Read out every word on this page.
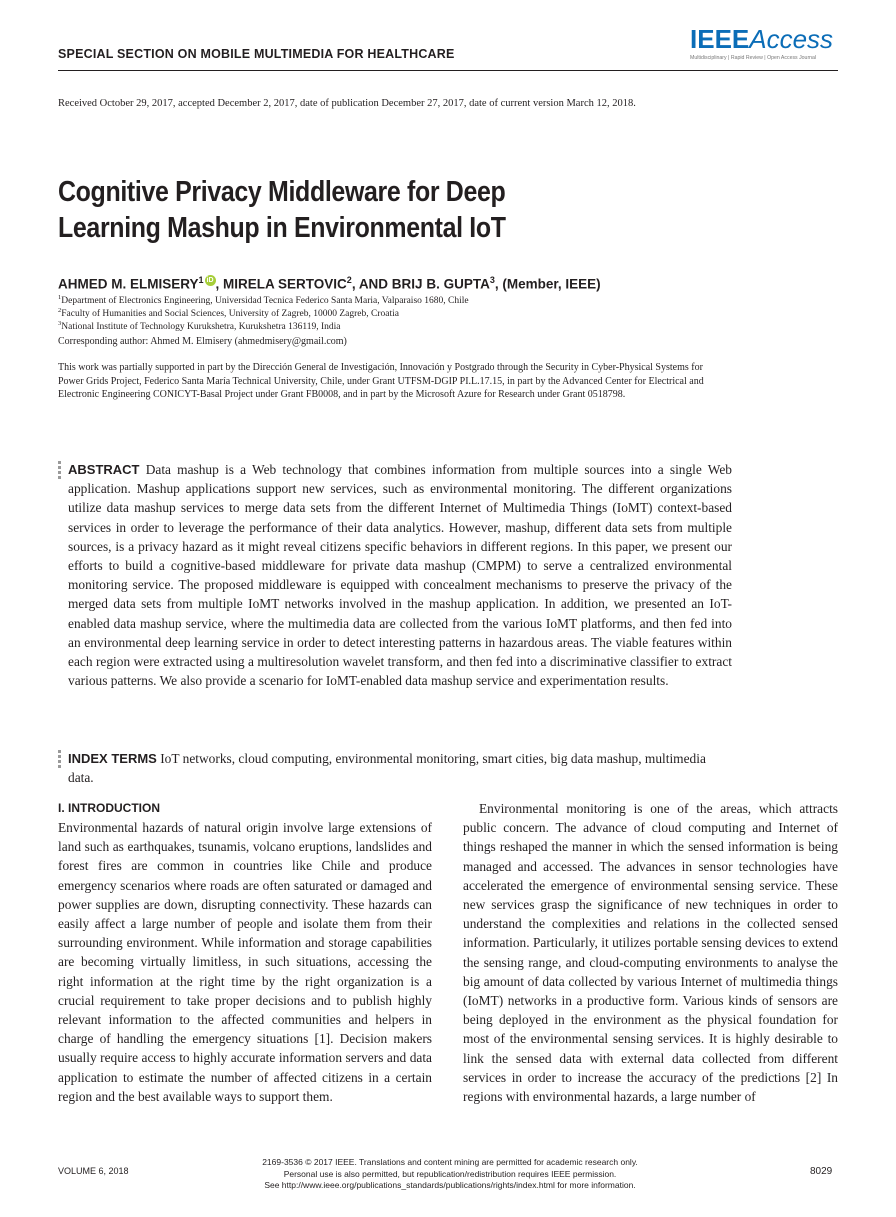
SPECIAL SECTION ON MOBILE MULTIMEDIA FOR HEALTHCARE	IEEEAccess
Multidisciplinary | Rapid Review | Open Access Journal
Received October 29, 2017, accepted December 2, 2017, date of publication December 27, 2017, date of current version March 12, 2018.
Cognitive Privacy Middleware for Deep
Learning Mashup in Environmental IoT
AHMED M. ELMISERY$^1$ iD , MIRELA SERTOVIC$^2$, AND BRIJ B. GUPTA$^3$, (Member, IEEE)
$^1$Department of Electronics Engineering, Universidad Tecnica Federico Santa Maria, Valparaiso 1680, Chile
$^2$Faculty of Humanities and Social Sciences, University of Zagreb, 10000 Zagreb, Croatia
$^3$National Institute of Technology Kurukshetra, Kurukshetra 136119, India
Corresponding author: Ahmed M. Elmisery (ahmedmisery@gmail.com)
This work was partially supported in part by the Dirección General de Investigación, Innovación y Postgrado through the Security in Cyber-Physical Systems for Power Grids Project, Federico Santa María Technical University, Chile, under Grant UTFSM-DGIP PI.L.17.15, in part by the Advanced Center for Electrical and Electronic Engineering CONICYT-Basal Project under Grant FB0008, and in part by the Microsoft Azure for Research under Grant 0518798.
ABSTRACT Data mashup is a Web technology that combines information from multiple sources into a single Web application. Mashup applications support new services, such as environmental monitoring. The different organizations utilize data mashup services to merge data sets from the different Internet of Multimedia Things (IoMT) context-based services in order to leverage the performance of their data analytics. However, mashup, different data sets from multiple sources, is a privacy hazard as it might reveal citizens specific behaviors in different regions. In this paper, we present our efforts to build a cognitive-based middleware for private data mashup (CMPM) to serve a centralized environmental monitoring service. The proposed middleware is equipped with concealment mechanisms to preserve the privacy of the merged data sets from multiple IoMT networks involved in the mashup application. In addition, we presented an IoT-enabled data mashup service, where the multimedia data are collected from the various IoMT platforms, and then fed into an environmental deep learning service in order to detect interesting patterns in hazardous areas. The viable features within each region were extracted using a multiresolution wavelet transform, and then fed into a discriminative classifier to extract various patterns. We also provide a scenario for IoMT-enabled data mashup service and experimentation results.
INDEX TERMS IoT networks, cloud computing, environmental monitoring, smart cities, big data mashup, multimedia data.
I. INTRODUCTION
Environmental hazards of natural origin involve large extensions of land such as earthquakes, tsunamis, volcano eruptions, landslides and forest fires are common in countries like Chile and produce emergency scenarios where roads are often saturated or damaged and power supplies are down, disrupting connectivity. These hazards can easily affect a large number of people and isolate them from their surrounding environment. While information and storage capabilities are becoming virtually limitless, in such situations, accessing the right information at the right time by the right organization is a crucial requirement to take proper decisions and to publish highly relevant information to the affected communities and helpers in charge of handling the emergency situations [1]. Decision makers usually require access to highly accurate information servers and data application to estimate the number of affected citizens in a certain region and the best available ways to support them.
Environmental monitoring is one of the areas, which attracts public concern. The advance of cloud computing and Internet of things reshaped the manner in which the sensed information is being managed and accessed. The advances in sensor technologies have accelerated the emergence of environmental sensing service. These new services grasp the significance of new techniques in order to understand the complexities and relations in the collected sensed information. Particularly, it utilizes portable sensing devices to extend the sensing range, and cloud-computing environments to analyse the big amount of data collected by various Internet of multimedia things (IoMT) networks in a productive form. Various kinds of sensors are being deployed in the environment as the physical foundation for most of the environmental sensing services. It is highly desirable to link the sensed data with external data collected from different services in order to increase the accuracy of the predictions [2] In regions with environmental hazards, a large number of
VOLUME 6, 2018
2169-3536 © 2017 IEEE. Translations and content mining are permitted for academic research only.
Personal use is also permitted, but republication/redistribution requires IEEE permission.
See http://www.ieee.org/publications_standards/publications/rights/index.html for more information.
8029
